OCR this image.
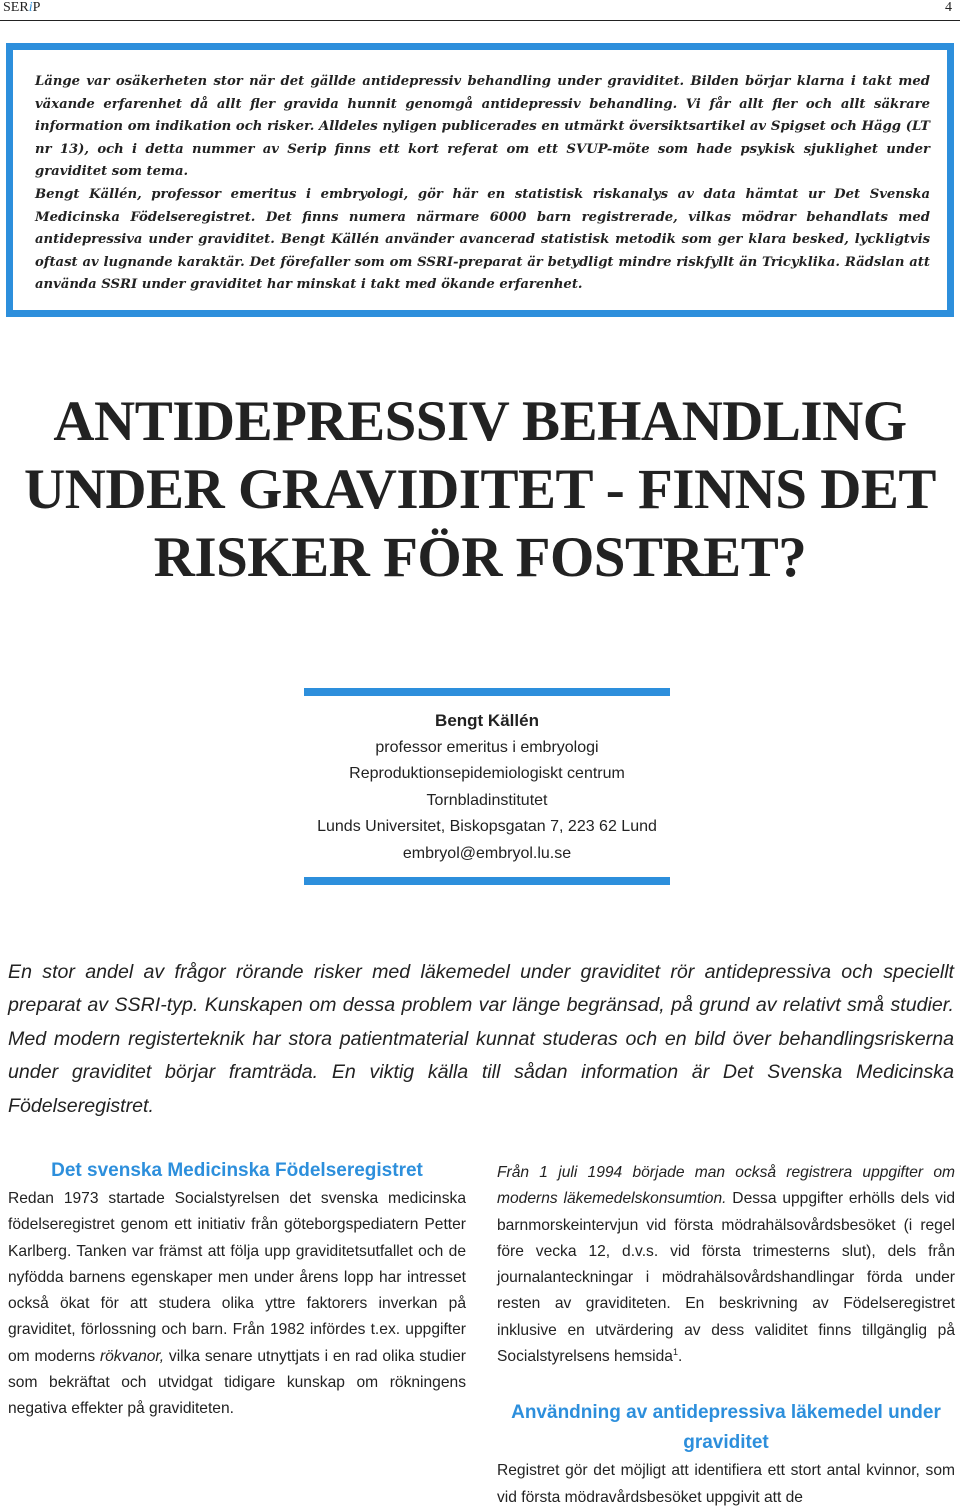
SERiP	4

Länge var osäkerheten stor när det gällde antidepressiv behandling under graviditet. Bilden börjar klarna i takt med växande erfarenhet då allt fler gravida hunnit genomgå antidepressiv behandling. Vi får allt fler och allt säkrare information om indikation och risker. Alldeles nyligen publicerades en utmärkt översiktsartikel av Spigset och Hägg (LT nr 13), och i detta nummer av Serip finns ett kort referat om ett SVUP-möte som hade psykisk sjuklighet under graviditet som tema.

Bengt Källén, professor emeritus i embryologi, gör här en statistisk riskanalys av data hämtat ur Det Svenska Medicinska Födelseregistret. Det finns numera närmare 6000 barn registrerade, vilkas mödrar behandlats med antidepressiva under graviditet. Bengt Källén använder avancerad statistisk metodik som ger klara besked, lyckligtvis oftast av lugnande karaktär. Det förefaller som om SSRI-preparat är betydligt mindre riskfyllt än Tricyklika. Rädslan att använda SSRI under graviditet har minskat i takt med ökande erfarenhet.

ANTIDEPRESSIV BEHANDLING
UNDER GRAVIDITET - FINNS DET
RISKER FÖR FOSTRET?
Bengt Källén
professor emeritus i embryologi
Reproduktionsepidemiologiskt centrum
Tornbladinstitutet
Lunds Universitet, Biskopsgatan 7, 223 62 Lund
embryol@embryol.lu.se

En stor andel av frågor rörande risker med läkemedel under graviditet rör antidepressiva och speciellt preparat av SSRI-typ. Kunskapen om dessa problem var länge begränsad, på grund av relativt små studier. Med modern registerteknik har stora patientmaterial kunnat studeras och en bild över behandlingsriskerna under graviditet börjar framträda. En viktig källa till sådan information är Det Svenska Medicinska Födelseregistret.

Det svenska Medicinska Födelseregistret

Redan 1973 startade Socialstyrelsen det svenska medicinska födelseregistret genom ett initiativ från göteborgspediatern Petter Karlberg. Tanken var främst att följa upp graviditetsutfallet och de nyfödda barnens egenskaper men under årens lopp har intresset också ökat för att studera olika yttre faktorers inverkan på graviditet, förlossning och barn. Från 1982 infördes t.ex. uppgifter om moderns rökvanor, vilka senare utnyttjats i en rad olika studier som bekräftat och utvidgat tidigare kunskap om rökningens negativa effekter på graviditeten.

Från 1 juli 1994 började man också registrera uppgifter om moderns läkemedelskonsumtion. Dessa uppgifter erhölls dels vid barnmorskeintervjun vid första mödrahälsovårdsbesöket (i regel före vecka 12, d.v.s. vid första trimesterns slut), dels från journalanteckningar i mödrahälsovårdshandlingar förda under resten av graviditeten. En beskrivning av Födelseregistret inklusive en utvärdering av dess validitet finns tillgänglig på Socialstyrelsens hemsida$^1$.

Användning av antidepressiva läkemedel under graviditet

Registret gör det möjligt att identifiera ett stort antal kvinnor, som vid första mödravårdsbesöket uppgivit att de
